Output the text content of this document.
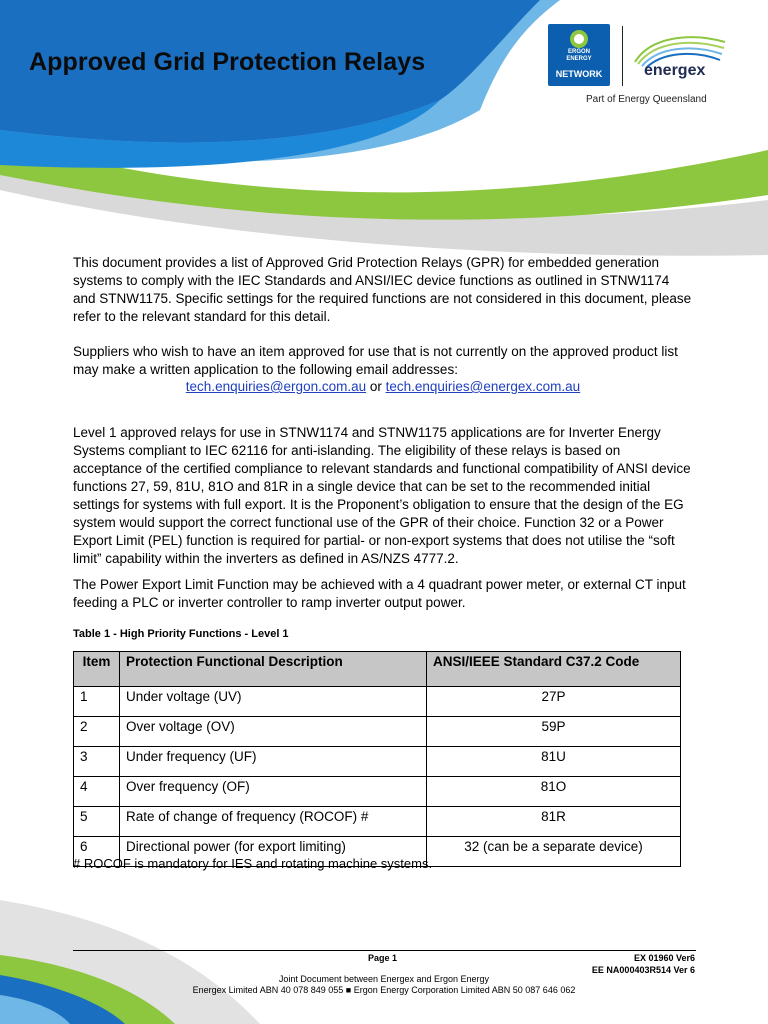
Approved Grid Protection Relays	ERGON
ENERGY
NETWORK	energex
Part of Energy Queensland

This document provides a list of Approved Grid Protection Relays (GPR) for embedded generation systems to comply with the IEC Standards and ANSI/IEC device functions as outlined in STNW1174 and STNW1175. Specific settings for the required functions are not considered in this document, please refer to the relevant standard for this detail.

Suppliers who wish to have an item approved for use that is not currently on the approved product list may make a written application to the following email addresses:

tech.enquiries@ergon.com.au or tech.enquiries@energex.com.au

Level 1 approved relays for use in STNW1174 and STNW1175 applications are for Inverter Energy Systems compliant to IEC 62116 for anti-islanding. The eligibility of these relays is based on acceptance of the certified compliance to relevant standards and functional compatibility of ANSI device functions 27, 59, 81U, 81O and 81R in a single device that can be set to the recommended initial settings for systems with full export. It is the Proponent’s obligation to ensure that the design of the EG system would support the correct functional use of the GPR of their choice. Function 32 or a Power Export Limit (PEL) function is required for partial- or non-export systems that does not utilise the “soft limit” capability within the inverters as defined in AS/NZS 4777.2.

The Power Export Limit Function may be achieved with a 4 quadrant power meter, or external CT input feeding a PLC or inverter controller to ramp inverter output power.

Table 1 - High Priority Functions - Level 1
Item	Protection Functional Description	ANSI/IEEE Standard C37.2 Code
1	Under voltage (UV)	27P
2	Over voltage (OV)	59P
3	Under frequency (UF)	81U
4	Over frequency (OF)	81O
5	Rate of change of frequency (ROCOF) #	81R
6	Directional power (for export limiting)	32 (can be a separate device)
# ROCOF is mandatory for IES and rotating machine systems.
Page 1	EX 01960 Ver6
EE NA000403R514 Ver 6
Joint Document between Energex and Ergon Energy
Energex Limited ABN 40 078 849 055 ■ Ergon Energy Corporation Limited ABN 50 087 646 062
